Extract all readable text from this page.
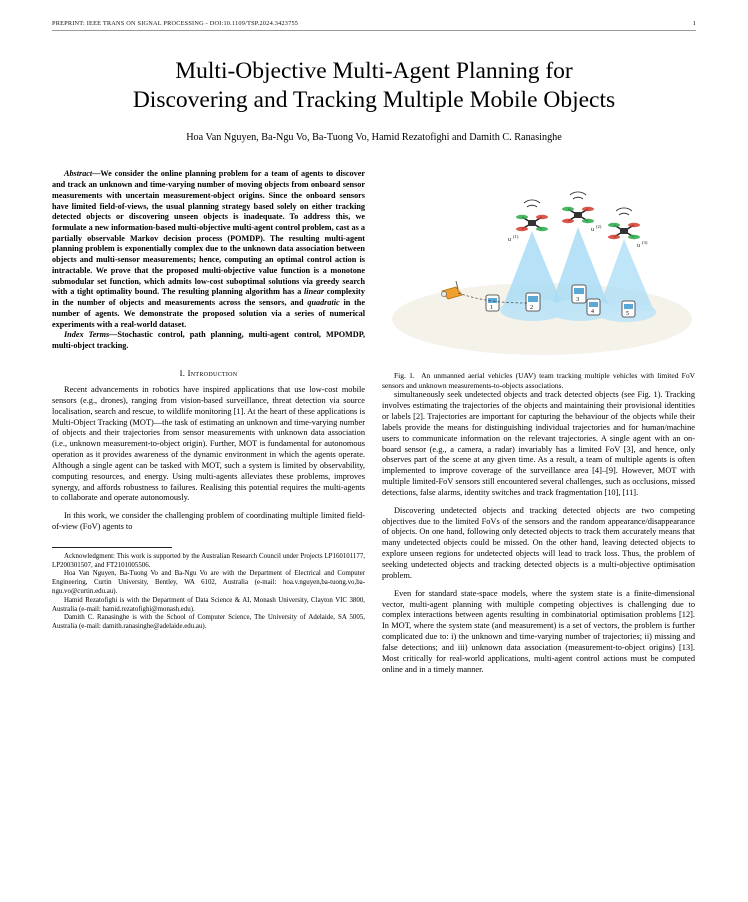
PREPRINT: IEEE TRANS ON SIGNAL PROCESSING - DOI:10.1109/TSP.2024.3423755	1
Multi-Objective Multi-Agent Planning for
Discovering and Tracking Multiple Mobile Objects
Hoa Van Nguyen, Ba-Ngu Vo, Ba-Tuong Vo, Hamid Rezatofighi and Damith C. Ranasinghe

Abstract—We consider the online planning problem for a team of agents to discover and track an unknown and time-varying number of moving objects from onboard sensor measurements with uncertain measurement-object origins. Since the onboard sensors have limited field-of-views, the usual planning strategy based solely on either tracking detected objects or discovering unseen objects is inadequate. To address this, we formulate a new information-based multi-objective multi-agent control problem, cast as a partially observable Markov decision process (POMDP). The resulting multi-agent planning problem is exponentially complex due to the unknown data association between objects and multi-sensor measurements; hence, computing an optimal control action is intractable. We prove that the proposed multi-objective value function is a monotone submodular set function, which admits low-cost suboptimal solutions via greedy search with a tight optimality bound. The resulting planning algorithm has a linear complexity in the number of objects and measurements across the sensors, and quadratic in the number of agents. We demonstrate the proposed solution via a series of numerical experiments with a real-world dataset.

Index Terms—Stochastic control, path planning, multi-agent control, MPOMDP, multi-object tracking.

I. Introduction

Recent advancements in robotics have inspired applications that use low-cost mobile sensors (e.g., drones), ranging from vision-based surveillance, threat detection via source localisation, search and rescue, to wildlife monitoring [1]. At the heart of these applications is Multi-Object Tracking (MOT)—the task of estimating an unknown and time-varying number of objects and their trajectories from sensor measurements with unknown data association (i.e., unknown measurement-to-object origin). Further, MOT is fundamental for autonomous operation as it provides awareness of the dynamic environment in which the agents operate. Although a single agent can be tasked with MOT, such a system is limited by observability, computing resources, and energy. Using multi-agents alleviates these problems, improves synergy, and affords robustness to failures. Realising this potential requires the multi-agents to collaborate and operate autonomously.

In this work, we consider the challenging problem of coordinating multiple limited field-of-view (FoV) agents to

Acknowledgment: This work is supported by the Australian Research Council under Projects LP160101177, LP200301507, and FT2101005506.

Hoa Van Nguyen, Ba-Tuong Vo and Ba-Ngu Vo are with the Department of Electrical and Computer Engineering, Curtin University, Bentley, WA 6102, Australia (e-mail: hoa.v.nguyen,ba-tuong.vo,ba-ngu.vo@curtin.edu.au).

Hamid Rezatofighi is with the Department of Data Science & AI, Monash University, Clayton VIC 3800, Australia (e-mail: hamid.rezatofighi@monash.edu).

Damith C. Ranasinghe is with the School of Computer Science, The University of Adelaide, SA 5005, Australia (e-mail: damith.ranasinghe@adelaide.edu.au).

u
(1)
u
(2)
u
(3)
1	2
3
4	5

Fig. 1. An unmanned aerial vehicles (UAV) team tracking multiple vehicles with limited FoV sensors and unknown measurements-to-objects associations.

simultaneously seek undetected objects and track detected objects (see Fig. 1). Tracking involves estimating the trajectories of the objects and maintaining their provisional identities or labels [2]. Trajectories are important for capturing the behaviour of the objects while their labels provide the means for distinguishing individual trajectories and for human/machine users to communicate information on the relevant trajectories. A single agent with an on-board sensor (e.g., a camera, a radar) invariably has a limited FoV [3], and hence, only observes part of the scene at any given time. As a result, a team of multiple agents is often implemented to improve coverage of the surveillance area [4]–[9]. However, MOT with multiple limited-FoV sensors still encountered several challenges, such as occlusions, missed detections, false alarms, identity switches and track fragmentation [10], [11].

Discovering undetected objects and tracking detected objects are two competing objectives due to the limited FoVs of the sensors and the random appearance/disappearance of objects. On one hand, following only detected objects to track them accurately means that many undetected objects could be missed. On the other hand, leaving detected objects to explore unseen regions for undetected objects will lead to track loss. Thus, the problem of seeking undetected objects and tracking detected objects is a multi-objective optimisation problem.

Even for standard state-space models, where the system state is a finite-dimensional vector, multi-agent planning with multiple competing objectives is challenging due to complex interactions between agents resulting in combinatorial optimisation problems [12]. In MOT, where the system state (and measurement) is a set of vectors, the problem is further complicated due to: i) the unknown and time-varying number of trajectories; ii) missing and false detections; and iii) unknown data association (measurement-to-object origins) [13]. Most critically for real-world applications, multi-agent control actions must be computed online and in a timely manner.
